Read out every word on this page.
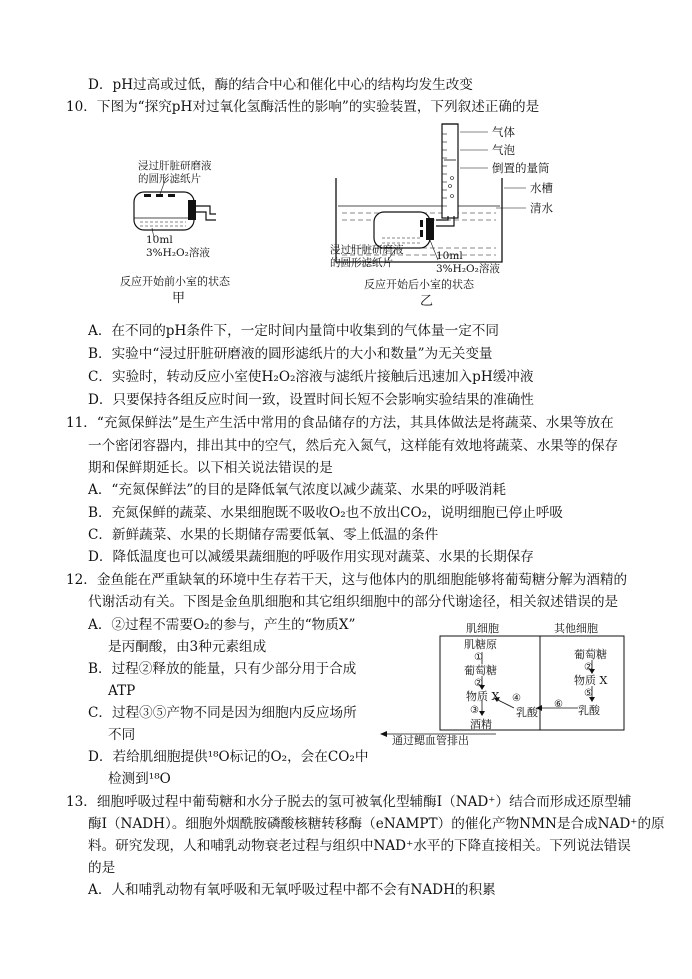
D．pH过高或过低，酶的结合中心和催化中心的结构均发生改变
10．下图为“探究pH对过氧化氢酶活性的影响”的实验装置，下列叙述正确的是
浸过肝脏研磨液
的圆形滤纸片
10ml
3%H₂O₂溶液
反应开始前小室的状态
甲
气体
气泡
倒置的量筒
水槽
清水
浸过肝脏研磨液
的圆形滤纸片
10ml
3%H₂O₂溶液
反应开始后小室的状态
乙
A．在不同的pH条件下，一定时间内量筒中收集到的气体量一定不同
B．实验中“浸过肝脏研磨液的圆形滤纸片的大小和数量”为无关变量
C．实验时，转动反应小室使H₂O₂溶液与滤纸片接触后迅速加入pH缓冲液
D．只要保持各组反应时间一致，设置时间长短不会影响实验结果的准确性
11．“充氮保鲜法”是生产生活中常用的食品储存的方法，其具体做法是将蔬菜、水果等放在
一个密闭容器内，排出其中的空气，然后充入氮气，这样能有效地将蔬菜、水果等的保存
期和保鲜期延长。以下相关说法错误的是
A．“充氮保鲜法”的目的是降低氧气浓度以减少蔬菜、水果的呼吸消耗
B．充氮保鲜的蔬菜、水果细胞既不吸收O₂也不放出CO₂，说明细胞已停止呼吸
C．新鲜蔬菜、水果的长期储存需要低氧、零上低温的条件
D．降低温度也可以减缓果蔬细胞的呼吸作用实现对蔬菜、水果的长期保存
12．金鱼能在严重缺氧的环境中生存若干天，这与他体内的肌细胞能够将葡萄糖分解为酒精的
代谢活动有关。下图是金鱼肌细胞和其它组织细胞中的部分代谢途径，相关叙述错误的是
A．②过程不需要O₂的参与，产生的“物质X”
是丙酮酸，由3种元素组成
B．过程②释放的能量，只有少部分用于合成
ATP
C．过程③⑤产物不同是因为细胞内反应场所
不同
D．若给肌细胞提供¹⁸O标记的O₂，会在CO₂中
检测到¹⁸O
肌细胞	其他细胞
肌糖原
①
葡萄糖
②
物质 X
③
酒精
④
乳酸
葡萄糖
②
物质 X
⑤
乳酸
⑥
通过鳃血管排出
13．细胞呼吸过程中葡萄糖和水分子脱去的氢可被氧化型辅酶Ⅰ（NAD⁺）结合而形成还原型辅
酶Ⅰ（NADH）。细胞外烟酰胺磷酸核糖转移酶（eNAMPT）的催化产物NMN是合成NAD⁺的原
料。研究发现，人和哺乳动物衰老过程与组织中NAD⁺水平的下降直接相关。下列说法错误
的是
A．人和哺乳动物有氧呼吸和无氧呼吸过程中都不会有NADH的积累
